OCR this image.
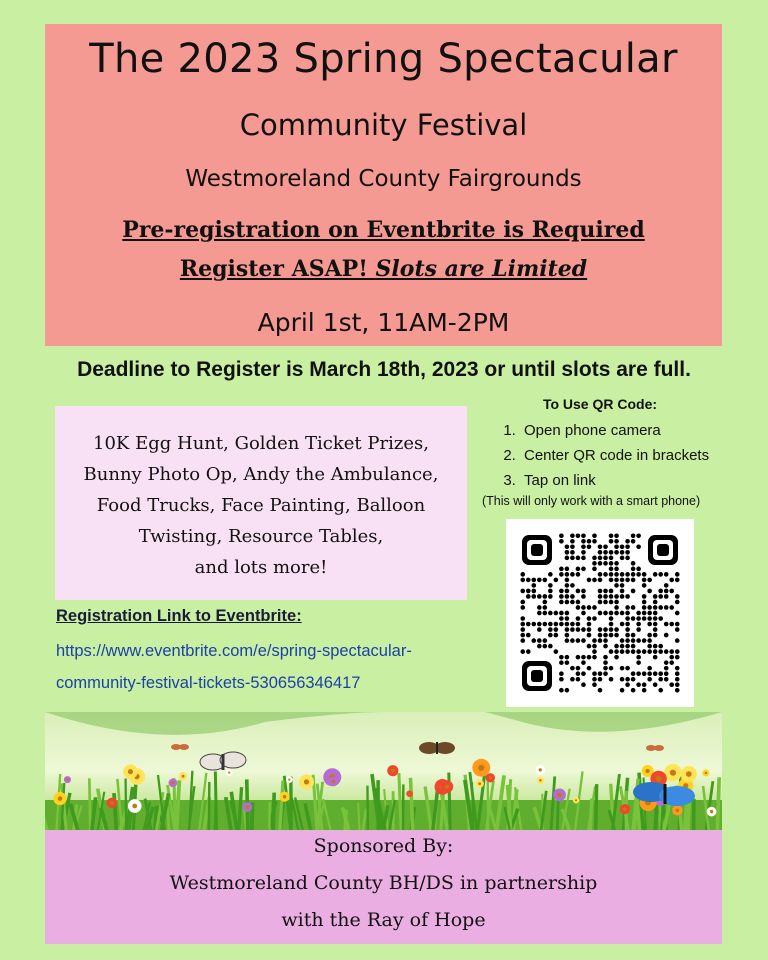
The 2023 Spring Spectacular
Community Festival
Westmoreland County Fairgrounds
Pre-registration on Eventbrite is Required
Register ASAP! Slots are Limited
April 1st, 11AM-2PM
Deadline to Register is March 18th, 2023 or until slots are full.
10K Egg Hunt, Golden Ticket Prizes,
Bunny Photo Op, Andy the Ambulance,
Food Trucks, Face Painting, Balloon
Twisting, Resource Tables,
and lots more!
To Use QR Code:
1. Open phone camera
2. Center QR code in brackets
3. Tap on link
(This will only work with a smart phone)
Registration Link to Eventbrite:
https://www.eventbrite.com/e/spring-spectacular-
community-festival-tickets-530656346417
Sponsored By:
Westmoreland County BH/DS in partnership
with the Ray of Hope
